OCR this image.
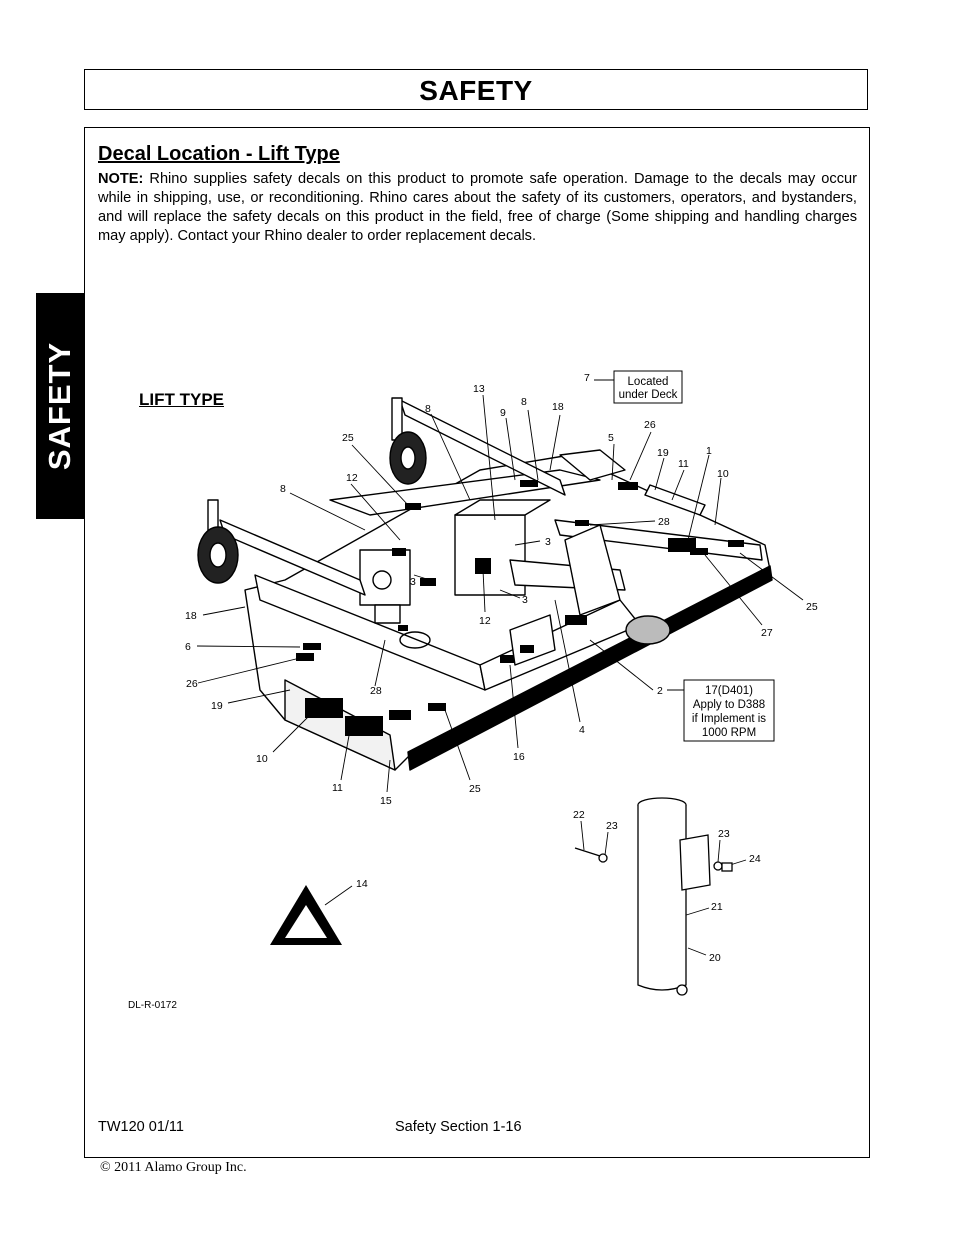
SAFETY
SAFETY
Decal Location - Lift Type

NOTE: Rhino supplies safety decals on this product to promote safe operation. Damage to the decals may occur while in shipping, use, or reconditioning. Rhino cares about the safety of its customers, operators, and bystanders, and will replace the safety decals on this product in the field, free of charge (Some shipping and handling charges may apply). Contact your Rhino dealer to order replacement decals.

LIFT TYPE
DL-R-0172
TW120 01/11	Safety Section 1-16
© 2011 Alamo Group Inc.
7
13
8	9
8 18
25	5
26
19
11
1
10
12
8
28
3
3
3
12
18
6
26
19
28
10
11
15
25
16
4
2
25
27
22
23
23
24
21
20
14
Located
under Deck
17(D401)
Apply to D388
if Implement is
1000 RPM
